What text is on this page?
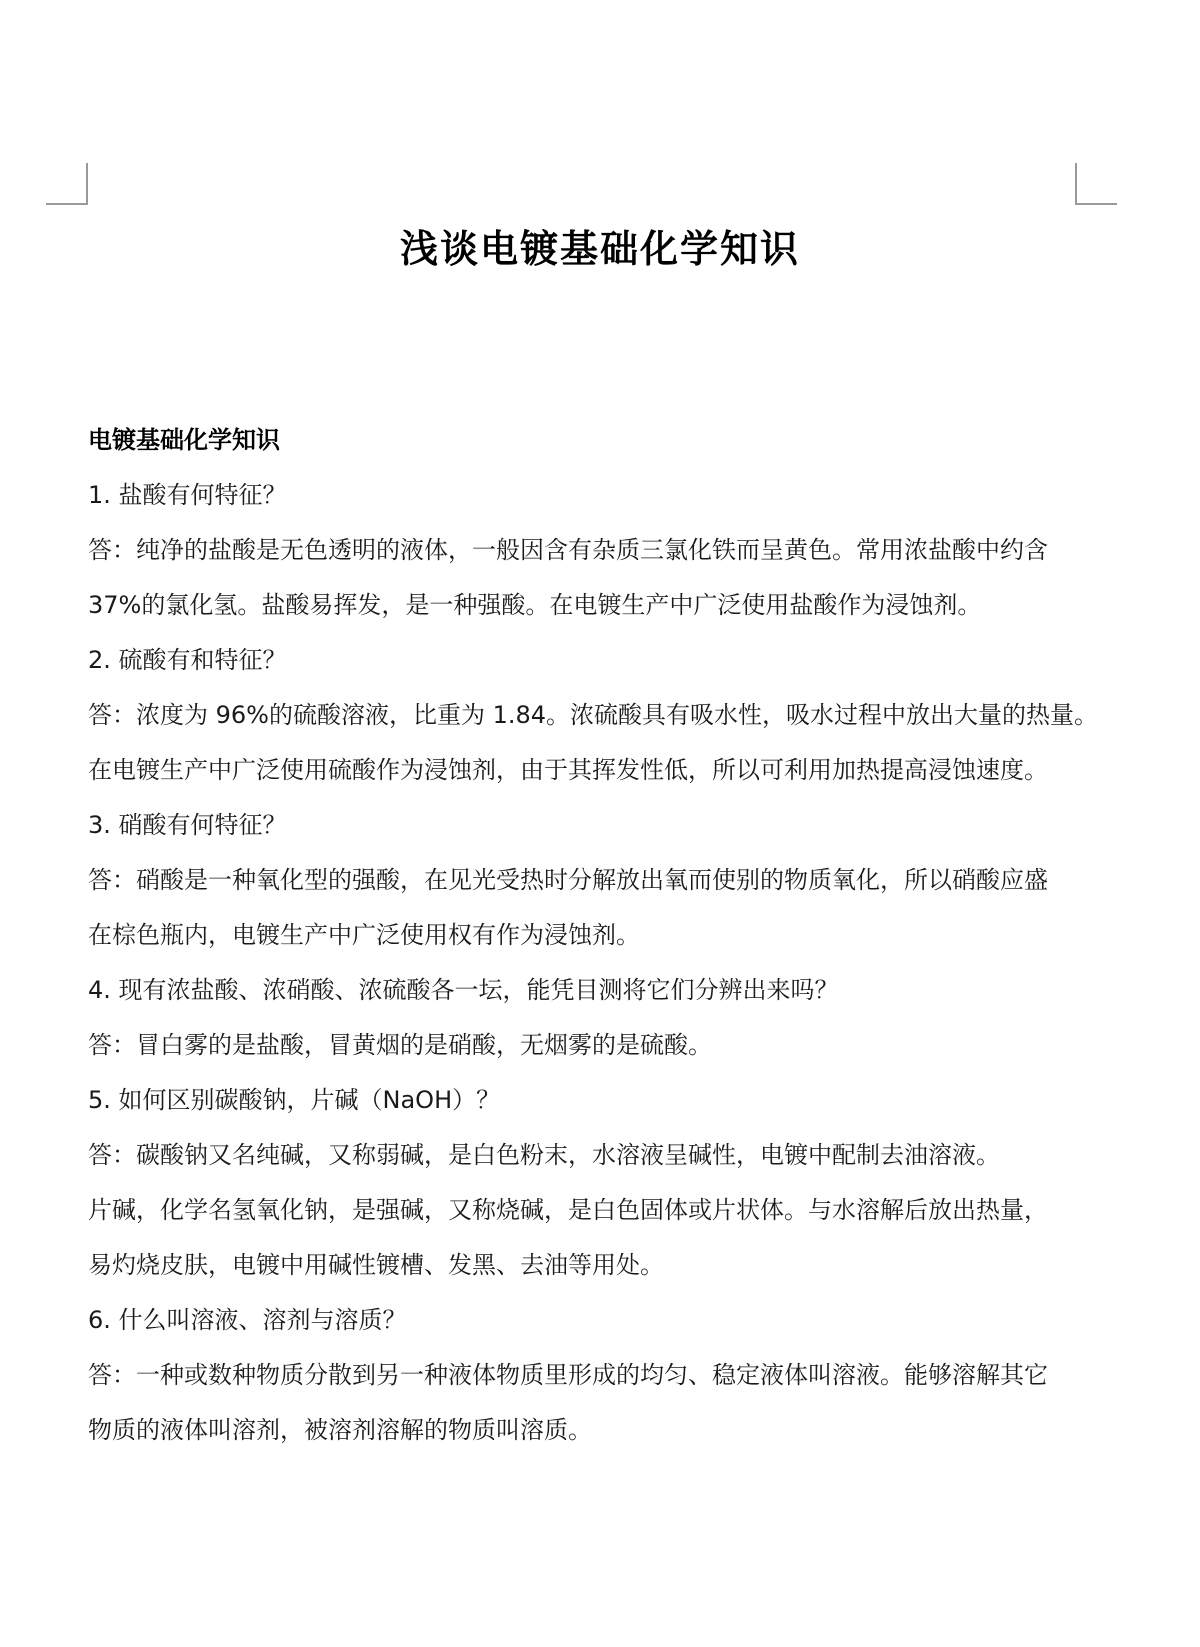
浅谈电镀基础化学知识
电镀基础化学知识
1. 盐酸有何特征？
答：纯净的盐酸是无色透明的液体，一般因含有杂质三氯化铁而呈黄色。常用浓盐酸中约含
37%的氯化氢。盐酸易挥发，是一种强酸。在电镀生产中广泛使用盐酸作为浸蚀剂。
2. 硫酸有和特征？
答：浓度为 96%的硫酸溶液，比重为 1.84。浓硫酸具有吸水性，吸水过程中放出大量的热量。
在电镀生产中广泛使用硫酸作为浸蚀剂，由于其挥发性低，所以可利用加热提高浸蚀速度。
3. 硝酸有何特征？
答：硝酸是一种氧化型的强酸，在见光受热时分解放出氧而使别的物质氧化，所以硝酸应盛
在棕色瓶内，电镀生产中广泛使用权有作为浸蚀剂。
4. 现有浓盐酸、浓硝酸、浓硫酸各一坛，能凭目测将它们分辨出来吗？
答：冒白雾的是盐酸，冒黄烟的是硝酸，无烟雾的是硫酸。
5. 如何区别碳酸钠，片碱（NaOH）？
答：碳酸钠又名纯碱，又称弱碱，是白色粉末，水溶液呈碱性，电镀中配制去油溶液。
片碱，化学名氢氧化钠，是强碱，又称烧碱，是白色固体或片状体。与水溶解后放出热量，
易灼烧皮肤，电镀中用碱性镀槽、发黑、去油等用处。
6. 什么叫溶液、溶剂与溶质？
答：一种或数种物质分散到另一种液体物质里形成的均匀、稳定液体叫溶液。能够溶解其它
物质的液体叫溶剂，被溶剂溶解的物质叫溶质。
